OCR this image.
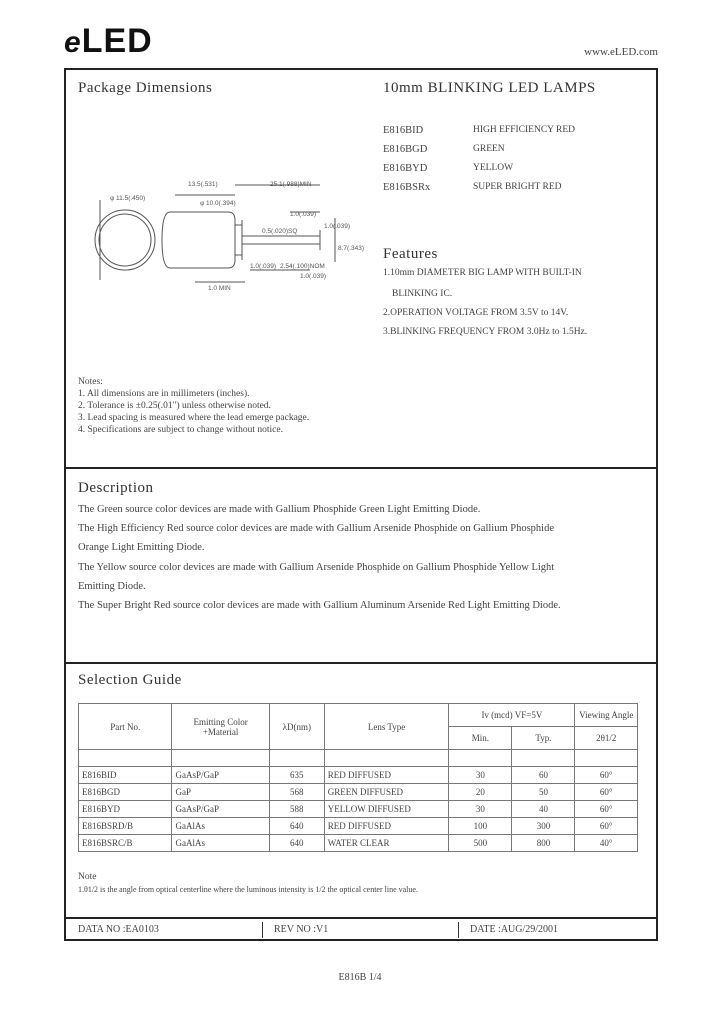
eLED	www.eLED.com
Package Dimensions	10mm BLINKING LED LAMPS
E816BID	HIGH EFFICIENCY RED
E816BGD	GREEN
E816BYD	YELLOW
E816BSRx	SUPER BRIGHT RED
φ 11.5(.450)
13.5(.531)	25.1(.988)MIN
φ 10.0(.394)
1.0(.039)
0.5(.020)SQ
2.54(.100)NOM
1.0(.039)
1.0 MIN
1.0(.039)
8.7(.343)
1.0(.039)
Features
1.10mm DIAMETER BIG LAMP WITH BUILT-IN
BLINKING IC.
2.OPERATION VOLTAGE FROM 3.5V to 14V.
3.BLINKING FREQUENCY FROM 3.0Hz to 1.5Hz.
Notes:
1. All dimensions are in millimeters (inches).
2. Tolerance is ±0.25(.01") unless otherwise noted.
3. Lead spacing is measured where the lead emerge package.
4. Specifications are subject to change without notice.
Description
The Green source color devices are made with Gallium Phosphide Green Light Emitting Diode.
The High Efficiency Red source color devices are made with Gallium Arsenide Phosphide on Gallium Phosphide
Orange Light Emitting Diode.
The Yellow source color devices are made with Gallium Arsenide Phosphide on Gallium Phosphide Yellow Light
Emitting Diode.
The Super Bright Red source color devices are made with Gallium Aluminum Arsenide Red Light Emitting Diode.
Selection Guide
Part No.	Emitting Color +Material	λD(nm)	Lens Type	Iv (mcd) VF=5V		Viewing Angle
				Min.	Typ.	2θ1/2

E816BID	GaAsP/GaP	635	RED DIFFUSED	30	60	60°
E816BGD	GaP	568	GREEN DIFFUSED	20	50	60°
E816BYD	GaAsP/GaP	588	YELLOW DIFFUSED	30	40	60°
E816BSRD/B	GaAlAs	640	RED DIFFUSED	100	300	60°
E816BSRC/B	GaAlAs	640	WATER CLEAR	500	800	40°
Note
1.θ1/2 is the angle from optical centerline where the luminous intensity is 1/2 the optical center line value.
DATA NO :EA0103	REV NO :V1	DATE :AUG/29/2001
E816B 1/4
